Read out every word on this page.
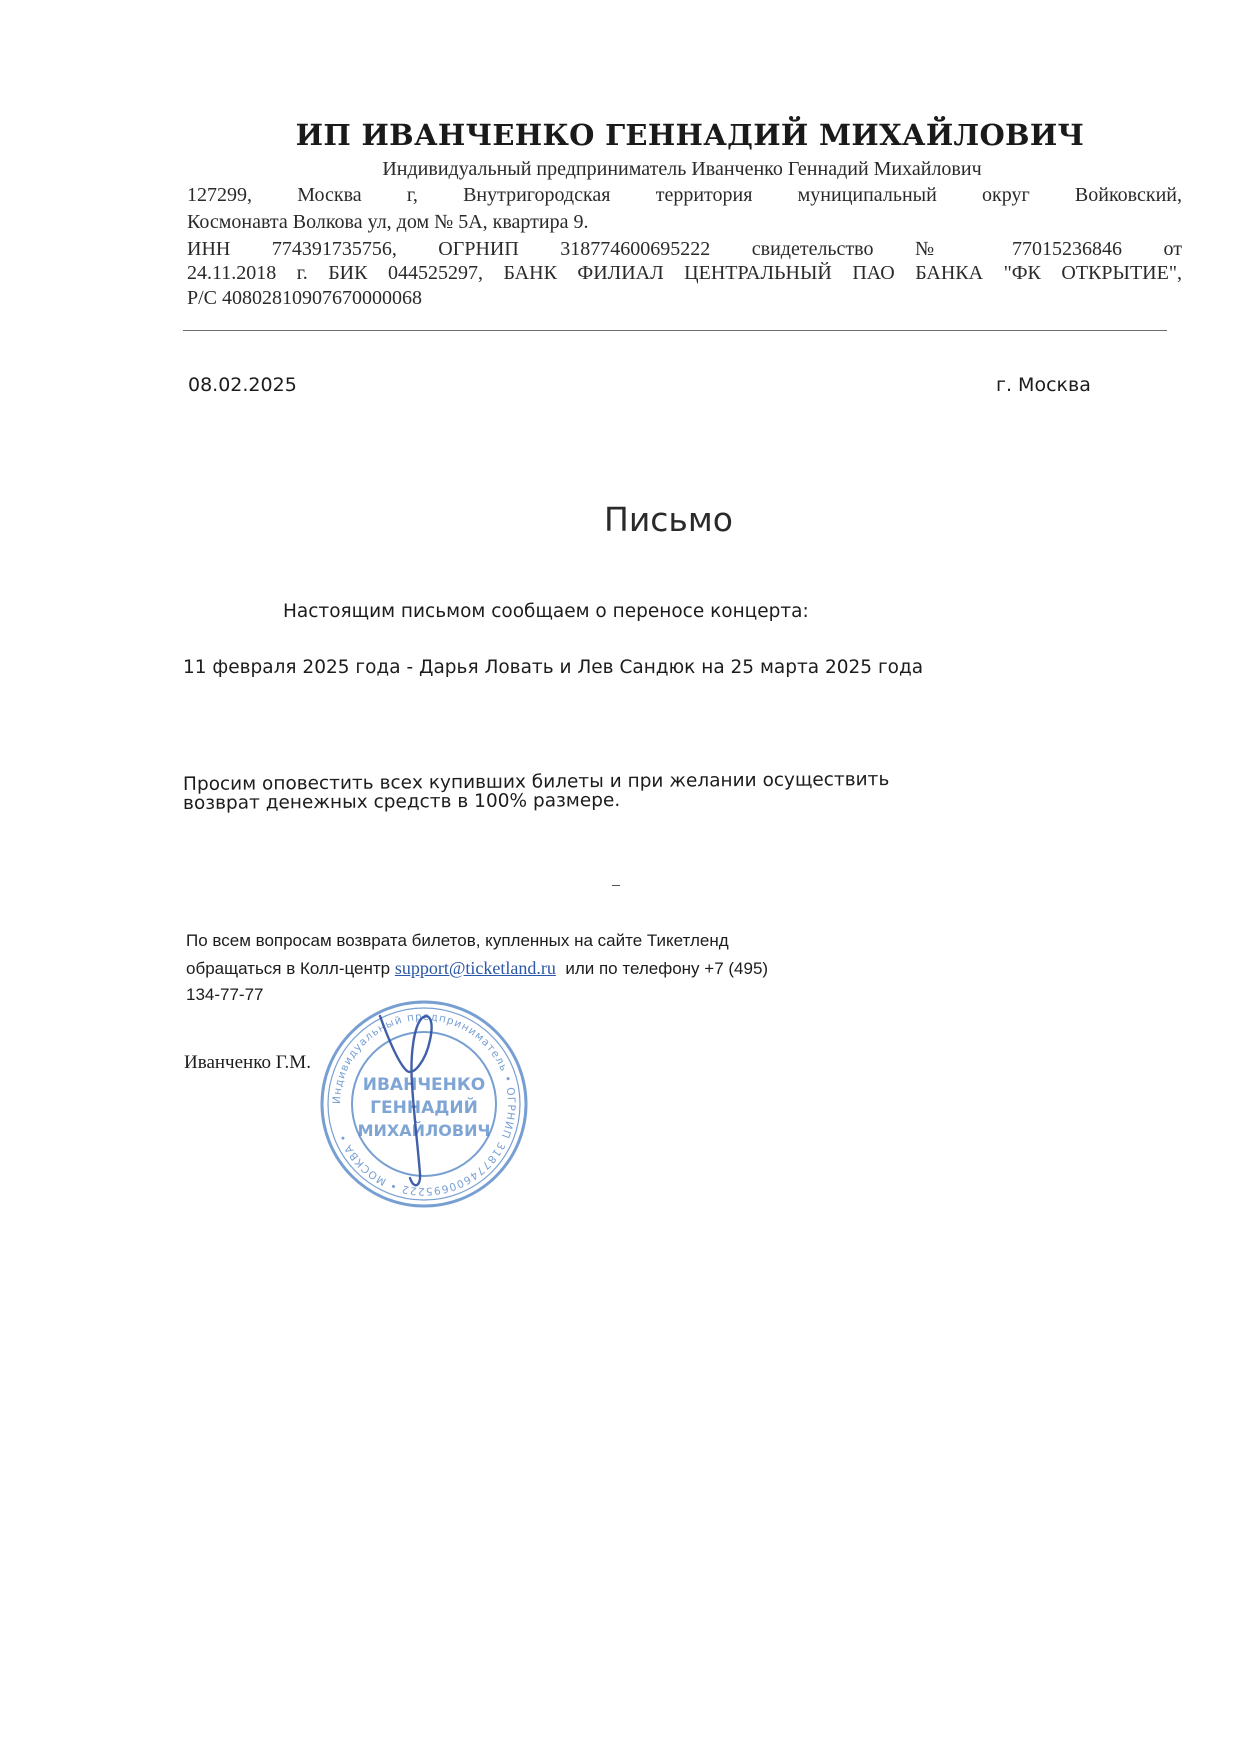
ИП ИВАНЧЕНКО ГЕННАДИЙ МИХАЙЛОВИЧ
Индивидуальный предприниматель Иванченко Геннадий Михайлович
127299, Москва г, Внутригородская территория муниципальный округ Войковский,
Космонавта Волкова ул, дом № 5А, квартира 9.
ИНН 774391735756, ОГРНИП 318774600695222 свидетельство № 77015236846 от
24.11.2018 г. БИК 044525297, БАНК ФИЛИАЛ ЦЕНТРАЛЬНЫЙ ПАО БАНКА "ФК ОТКРЫТИЕ",
Р/С 40802810907670000068
08.02.2025	г. Москва
Письмо
Настоящим письмом сообщаем о переносе концерта:
11 февраля 2025 года - Дарья Ловать и Лев Сандюк на 25 марта 2025 года
Просим оповестить всех купивших билеты и при желании осуществить
возврат денежных средств в 100% размере.
По всем вопросам возврата билетов, купленных на сайте Тикетленд
обращаться в Колл-центр support@ticketland.ru или по телефону +7 (495)
134-77-77
Иванченко Г.М.
Индивидуальный предприниматель • ОГРНИП 318774600695222 • МОСКВА •
ИВАНЧЕНКО
ГЕННАДИЙ
МИХАЙЛОВИЧ
